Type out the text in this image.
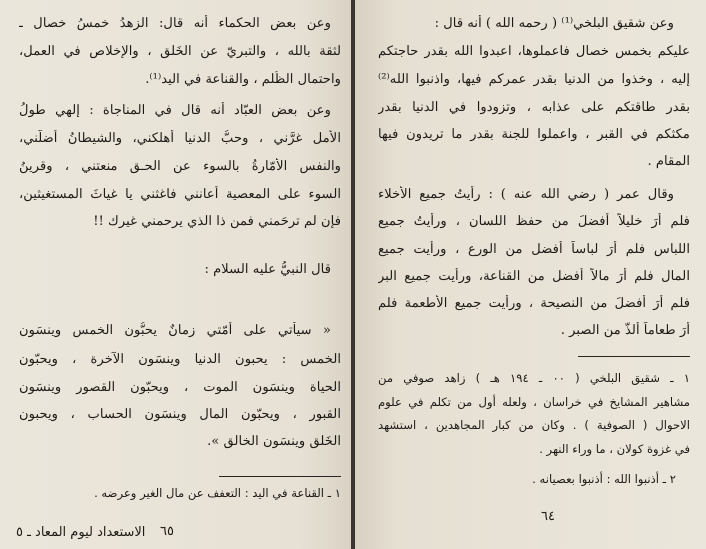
وعن بعض الحكماء أنه قال: الزهدُ خمسُ خصال ـ
لثقة بالله ، والتبريّ عن الخَلق ، والإخلاص في العمل،
واحتمال الظُلم ، والقناعة في اليد⁽¹⁾.
وعن بعض العبّاد أنه قال في المناجاة : إلهي طولُ
الأمل غرَّني ، وحبُّ الدنيا أهلكني، والشيطانُ أضلّني،
والنفس الأمّارةُ بالسوء عن الحـق منعتني ، وقرينُ
السوء على المعصية أعانني فاغثني يا غياثَ المستغيثين،
فإن لم ترحَمني فمن ذا الذي يرحمني غيرك !!
قال النبيُّ عليه السلام :
« سيأتي على أمّتي زمانٌ يحبُّون الخمس وينسَون
الخمس : يحبون الدنيا وينسَون الآخرة ، ويحبّون
الحياة وينسَون الموت ، ويحبّون القصور وينسَون
القبور ، ويحبّون المال وينسَون الحساب ، ويحبون
الخَلق وينسَون الخالق ».
١ ـ القناعة في اليد : التعفف عن مال الغير وعرضه .
٦٥
الاستعداد ليوم المعاد ـ ٥
وعن شقيق البلخي⁽¹⁾ ( رحمه الله ) أنه قال :
عليكم بخمس خصال فاعملوها، اعبدوا الله بقدر حاجتكم
إليه ، وخذوا من الدنيا بقدر عمركم فيها، واذنبوا الله⁽²⁾
بقدر طاقتكم على عذابه ، وتزودوا في الدنيا بقدر
مكثكم في القبر ، واعملوا للجنة بقدر ما تريدون فيها
المقام .
وقال عمر ( رضي الله عنه ) : رأيتُ جميع الأخلاء
فلم أرَ خليلاً أفضلَ من حفظ اللسان ، ورأيتُ جميع
اللباس فلم أرَ لباساً أفضل من الورع ، ورأيت جميع
المال فلم أرَ مالاً أفضل من القناعة، ورأيت جميع البر
فلم أرَ أفضلَ من النصيحة ، ورأيت جميع الأطعمة فلم
أرَ طعاماً ألذَّ من الصبر .
١ ـ شقيق البلخي ( ٠٠ ـ ١٩٤ هـ ) زاهد صوفي من
مشاهير المشايخ في خراسان ، ولعله أول من تكلم في علوم
الاحوال ( الصوفية ) . وكان من كبار المجاهدين ، استشهد
في غزوة كولان ، ما وراء النهر .
٢ ـ أذنبوا الله : أذنبوا بعصيانه .
٦٤
